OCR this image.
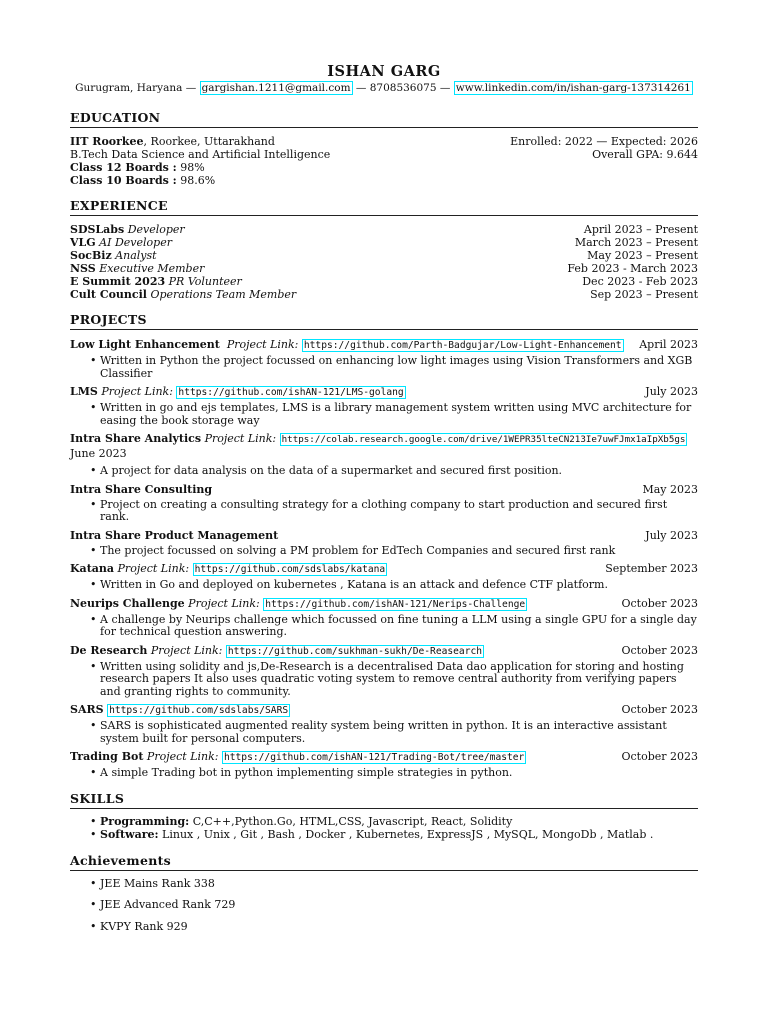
ISHAN GARG
Gurugram, Haryana — gargishan.1211@gmail.com — 8708536075 — www.linkedin.com/in/ishan-garg-137314261
EDUCATION
IIT Roorkee, Roorkee, Uttarakhand	Enrolled: 2022 — Expected: 2026
B.Tech Data Science and Artificial Intelligence	Overall GPA: 9.644
Class 12 Boards : 98%
Class 10 Boards : 98.6%
EXPERIENCE
SDSLabs Developer	April 2023 – Present
VLG AI Developer	March 2023 – Present
SocBiz Analyst	May 2023 – Present
NSS Executive Member	Feb 2023 - March 2023
E Summit 2023 PR Volunteer	Dec 2023 - Feb 2023
Cult Council Operations Team Member	Sep 2023 – Present
PROJECTS
Low Light Enhancement Project Link: https://github.com/Parth-Badgujar/Low-Light-Enhancement April 2023
• Written in Python the project focussed on enhancing low light images using Vision Transformers and XGB Classifier
LMS Project Link: https://github.com/ishAN-121/LMS-golang	July 2023
• Written in go and ejs templates, LMS is a library management system written using MVC architecture for easing the book storage way
Intra Share Analytics Project Link: https://colab.research.google.com/drive/1WEPR35lteCN213Ie7uwFJmx1aIpXb5gs
June 2023
• A project for data analysis on the data of a supermarket and secured first position.
Intra Share Consulting	May 2023
• Project on creating a consulting strategy for a clothing company to start production and secured first rank.
Intra Share Product Management	July 2023
• The project focussed on solving a PM problem for EdTech Companies and secured first rank
Katana Project Link: https://github.com/sdslabs/katana	September 2023
• Written in Go and deployed on kubernetes , Katana is an attack and defence CTF platform.
Neurips Challenge Project Link: https://github.com/ishAN-121/Nerips-Challenge	October 2023
• A challenge by Neurips challenge which focussed on fine tuning a LLM using a single GPU for a single day for technical question answering.
De Research Project Link: https://github.com/sukhman-sukh/De-Reasearch	October 2023
• Written using solidity and js,De-Research is a decentralised Data dao application for storing and hosting research papers It also uses quadratic voting system to remove central authority from verifying papers and granting rights to community.
SARS https://github.com/sdslabs/SARS	October 2023
• SARS is sophisticated augmented reality system being written in python. It is an interactive assistant system built for personal computers.
Trading Bot Project Link: https://github.com/ishAN-121/Trading-Bot/tree/master	October 2023
• A simple Trading bot in python implementing simple strategies in python.
SKILLS
• Programming: C,C++,Python.Go, HTML,CSS, Javascript, React, Solidity
• Software: Linux , Unix , Git , Bash , Docker , Kubernetes, ExpressJS , MySQL, MongoDb , Matlab .
Achievements
• JEE Mains Rank 338
• JEE Advanced Rank 729
• KVPY Rank 929
